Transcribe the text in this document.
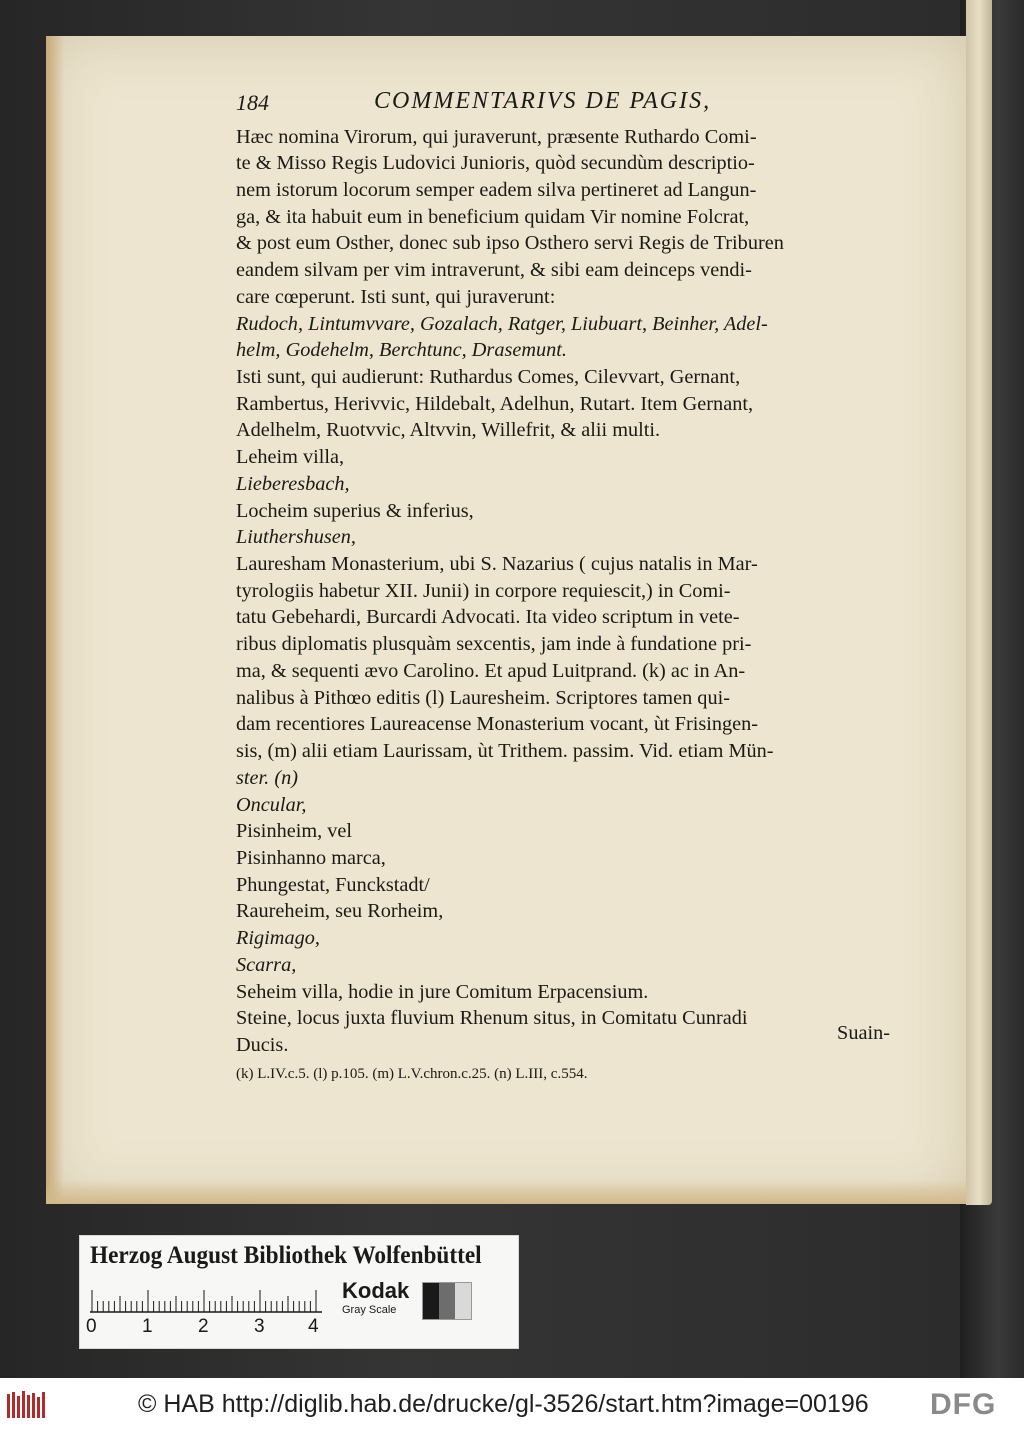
184	COMMENTARIVS DE PAGIS,
Hæc nomina Virorum, qui juraverunt, præsente Ruthardo Comi-
te & Misso Regis Ludovici Junioris, quòd secundùm descriptio-
nem istorum locorum semper eadem silva pertineret ad Langun-
ga, & ita habuit eum in beneficium quidam Vir nomine Folcrat,
& post eum Osther, donec sub ipso Osthero servi Regis de Triburen
eandem silvam per vim intraverunt, & sibi eam deinceps vendi-
care cœperunt. Isti sunt, qui juraverunt:
Rudoch, Lintumvvare, Gozalach, Ratger, Liubuart, Beinher, Adel-
helm, Godehelm, Berchtunc, Drasemunt.
Isti sunt, qui audierunt: Ruthardus Comes, Cilevvart, Gernant,
Rambertus, Herivvic, Hildebalt, Adelhun, Rutart. Item Gernant,
Adelhelm, Ruotvvic, Altvvin, Willefrit, & alii multi.
Leheim villa,
Lieberesbach,
Locheim superius & inferius,
Liuthershusen,
Lauresham Monasterium, ubi S. Nazarius ( cujus natalis in Mar-
tyrologiis habetur XII. Junii) in corpore requiescit,) in Comi-
tatu Gebehardi, Burcardi Advocati. Ita video scriptum in vete-
ribus diplomatis plusquàm sexcentis, jam inde à fundatione pri-
ma, & sequenti ævo Carolino. Et apud Luitprand. (k) ac in An-
nalibus à Pithœo editis (l) Lauresheim. Scriptores tamen qui-
dam recentiores Laureacense Monasterium vocant, ùt Frisingen-
sis, (m) alii etiam Laurissam, ùt Trithem. passim. Vid. etiam Mün-
ster. (n)
Oncular,
Pisinheim, vel
Pisinhanno marca,
Phungestat, Funckstadt/
Raureheim, seu Rorheim,
Rigimago,
Scarra,
Seheim villa, hodie in jure Comitum Erpacensium.
Steine, locus juxta fluvium Rhenum situs, in Comitatu Cunradi
Suain-
Ducis.
(k) L.IV.c.5. (l) p.105. (m) L.V.chron.c.25. (n) L.III, c.554.
Herzog August Bibliothek Wolfenbüttel
0 1 2 3 4
Kodak
Gray Scale
© HAB http://diglib.hab.de/drucke/gl-3526/start.htm?image=00196 DFG
